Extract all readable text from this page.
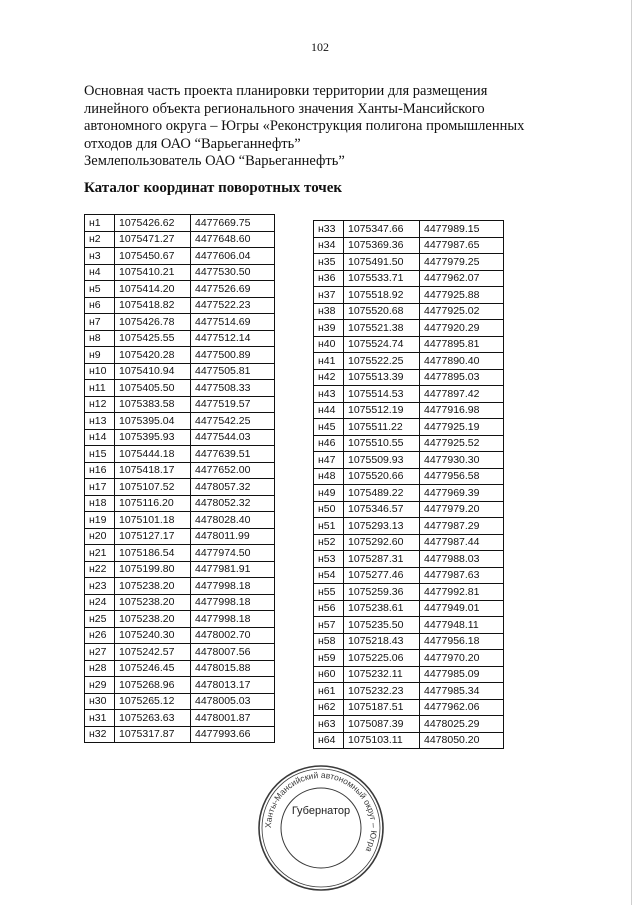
102
Основная часть проекта планировки территории для размещения
линейного объекта регионального значения Ханты-Мансийского
автономного округа – Югры «Реконструкция полигона промышленных
отходов для ОАО “Варьеганнефть”
Землепользователь ОАО “Варьеганнефть”
Каталог координат поворотных точек
н1	1075426.62	4477669.75
н2	1075471.27	4477648.60
н3	1075450.67	4477606.04
н4	1075410.21	4477530.50
н5	1075414.20	4477526.69
н6	1075418.82	4477522.23
н7	1075426.78	4477514.69
н8	1075425.55	4477512.14
н9	1075420.28	4477500.89
н10	1075410.94	4477505.81
н11	1075405.50	4477508.33
н12	1075383.58	4477519.57
н13	1075395.04	4477542.25
н14	1075395.93	4477544.03
н15	1075444.18	4477639.51
н16	1075418.17	4477652.00
н17	1075107.52	4478057.32
н18	1075116.20	4478052.32
н19	1075101.18	4478028.40
н20	1075127.17	4478011.99
н21	1075186.54	4477974.50
н22	1075199.80	4477981.91
н23	1075238.20	4477998.18
н24	1075238.20	4477998.18
н25	1075238.20	4477998.18
н26	1075240.30	4478002.70
н27	1075242.57	4478007.56
н28	1075246.45	4478015.88
н29	1075268.96	4478013.17
н30	1075265.12	4478005.03
н31	1075263.63	4478001.87
н32	1075317.87	4477993.66
н33	1075347.66	4477989.15
н34	1075369.36	4477987.65
н35	1075491.50	4477979.25
н36	1075533.71	4477962.07
н37	1075518.92	4477925.88
н38	1075520.68	4477925.02
н39	1075521.38	4477920.29
н40	1075524.74	4477895.81
н41	1075522.25	4477890.40
н42	1075513.39	4477895.03
н43	1075514.53	4477897.42
н44	1075512.19	4477916.98
н45	1075511.22	4477925.19
н46	1075510.55	4477925.52
н47	1075509.93	4477930.30
н48	1075520.66	4477956.58
н49	1075489.22	4477969.39
н50	1075346.57	4477979.20
н51	1075293.13	4477987.29
н52	1075292.60	4477987.44
н53	1075287.31	4477988.03
н54	1075277.46	4477987.63
н55	1075259.36	4477992.81
н56	1075238.61	4477949.01
н57	1075235.50	4477948.11
н58	1075218.43	4477956.18
н59	1075225.06	4477970.20
н60	1075232.11	4477985.09
н61	1075232.23	4477985.34
н62	1075187.51	4477962.06
н63	1075087.39	4478025.29
н64	1075103.11	4478050.20
Ханты-Мансийский автономный округ – Югра
Губернатор
